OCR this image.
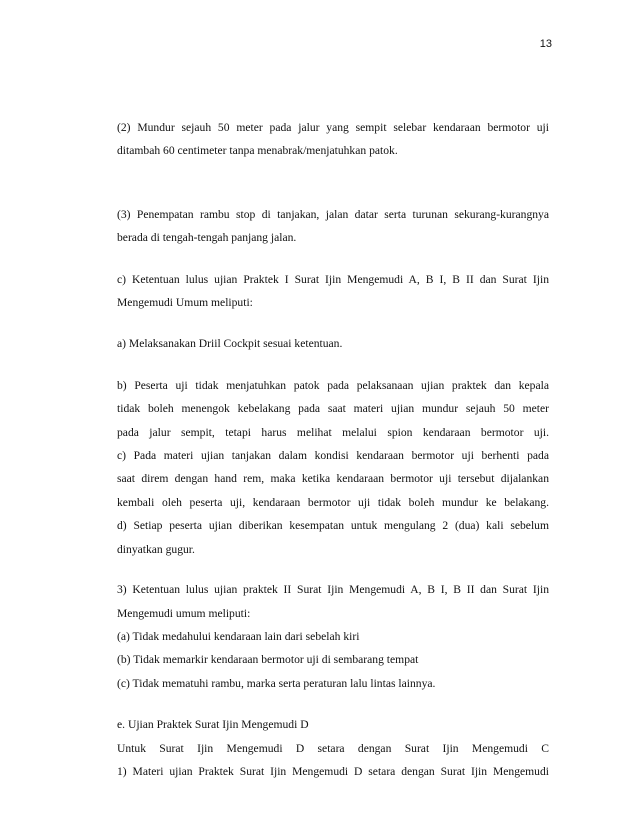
13

(2) Mundur sejauh 50 meter pada jalur yang sempit selebar kendaraan bermotor uji
ditambah 60 centimeter tanpa menabrak/menjatuhkan patok.

(3) Penempatan rambu stop di tanjakan, jalan datar serta turunan sekurang-kurangnya
berada di tengah-tengah panjang jalan.

c) Ketentuan lulus ujian Praktek I Surat Ijin Mengemudi A, B I, B II dan Surat Ijin
Mengemudi Umum meliputi:

a) Melaksanakan Driil Cockpit sesuai ketentuan.

b) Peserta uji tidak menjatuhkan patok pada pelaksanaan ujian praktek dan kepala
tidak boleh menengok kebelakang pada saat materi ujian mundur sejauh 50 meter
pada jalur sempit, tetapi harus melihat melalui spion kendaraan bermotor uji.
c) Pada materi ujian tanjakan dalam kondisi kendaraan bermotor uji berhenti pada
saat direm dengan hand rem, maka ketika kendaraan bermotor uji tersebut dijalankan
kembali oleh peserta uji, kendaraan bermotor uji tidak boleh mundur ke belakang.
d) Setiap peserta ujian diberikan kesempatan untuk mengulang 2 (dua) kali sebelum
dinyatkan gugur.

3) Ketentuan lulus ujian praktek II Surat Ijin Mengemudi A, B I, B II dan Surat Ijin
Mengemudi umum meliputi:
(a) Tidak medahului kendaraan lain dari sebelah kiri
(b) Tidak memarkir kendaraan bermotor uji di sembarang tempat
(c) Tidak mematuhi rambu, marka serta peraturan lalu lintas lainnya.

e. Ujian Praktek Surat Ijin Mengemudi D
Untuk Surat Ijin Mengemudi D setara dengan Surat Ijin Mengemudi C
1) Materi ujian Praktek Surat Ijin Mengemudi D setara dengan Surat Ijin Mengemudi
